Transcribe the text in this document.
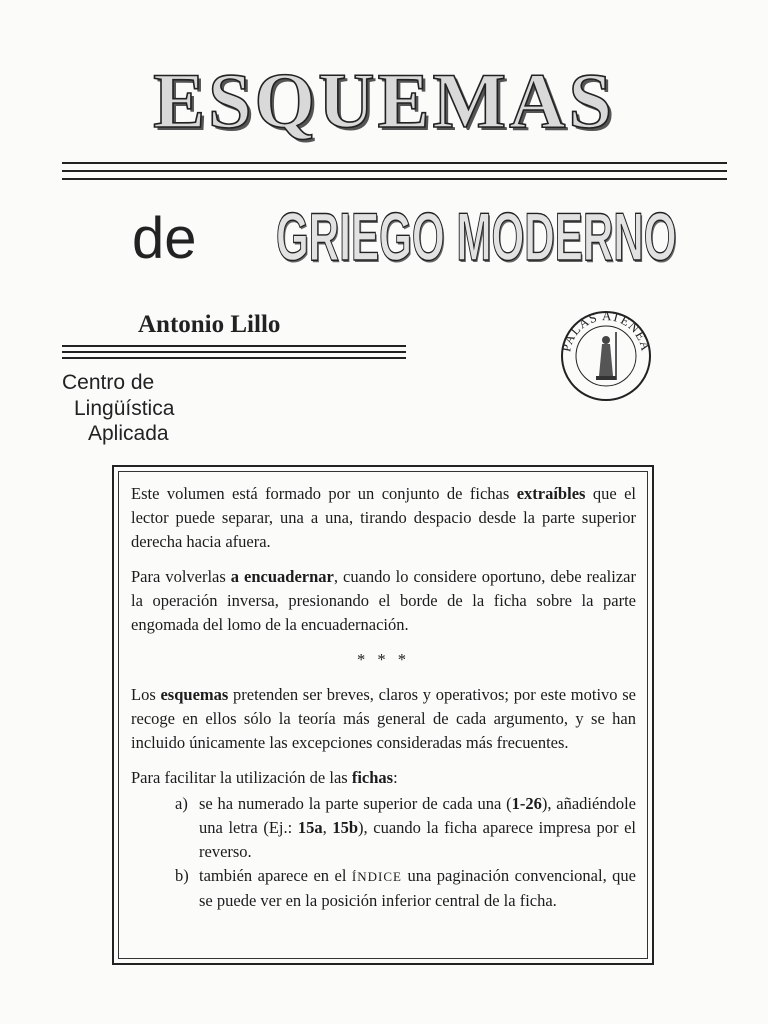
ESQUEMAS
de GRIEGO MODERNO
Antonio Lillo
Centro de
Lingüística
Aplicada
PALAS ATENEA

Este volumen está formado por un conjunto de fichas extraíbles que el lector puede separar, una a una, tirando despacio desde la parte superior derecha hacia afuera.

Para volverlas a encuadernar, cuando lo considere oportuno, debe realizar la operación inversa, presionando el borde de la ficha sobre la parte engomada del lomo de la encuadernación.

* * *

Los esquemas pretenden ser breves, claros y operativos; por este motivo se recoge en ellos sólo la teoría más general de cada argumento, y se han incluido únicamente las excepciones consideradas más frecuentes.

Para facilitar la utilización de las fichas:

a) se ha numerado la parte superior de cada una (1-26), añadiéndole una letra (Ej.: 15a, 15b), cuando la ficha aparece impresa por el reverso.
b) también aparece en el ÍNDICE una paginación convencional, que se puede ver en la posición inferior central de la ficha.
